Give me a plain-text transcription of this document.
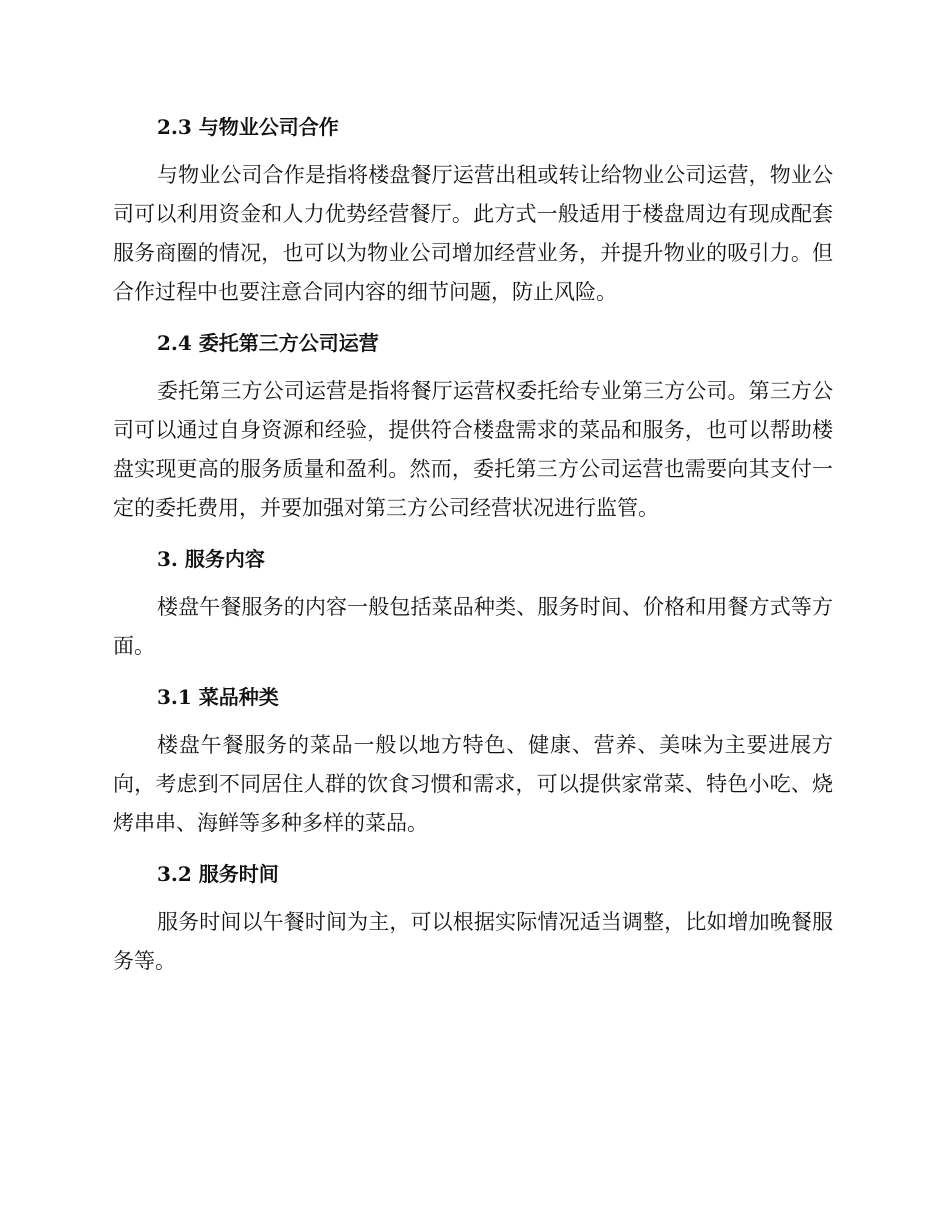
2.3 与物业公司合作

与物业公司合作是指将楼盘餐厅运营出租或转让给物业公司运营，物业公司可以利用资金和人力优势经营餐厅。此方式一般适用于楼盘周边有现成配套服务商圈的情况，也可以为物业公司增加经营业务，并提升物业的吸引力。但合作过程中也要注意合同内容的细节问题，防止风险。

2.4 委托第三方公司运营

委托第三方公司运营是指将餐厅运营权委托给专业第三方公司。第三方公司可以通过自身资源和经验，提供符合楼盘需求的菜品和服务，也可以帮助楼盘实现更高的服务质量和盈利。然而，委托第三方公司运营也需要向其支付一定的委托费用，并要加强对第三方公司经营状况进行监管。

3. 服务内容

楼盘午餐服务的内容一般包括菜品种类、服务时间、价格和用餐方式等方面。

3.1 菜品种类

楼盘午餐服务的菜品一般以地方特色、健康、营养、美味为主要进展方向，考虑到不同居住人群的饮食习惯和需求，可以提供家常菜、特色小吃、烧烤串串、海鲜等多种多样的菜品。

3.2 服务时间

服务时间以午餐时间为主，可以根据实际情况适当调整，比如增加晚餐服务等。
